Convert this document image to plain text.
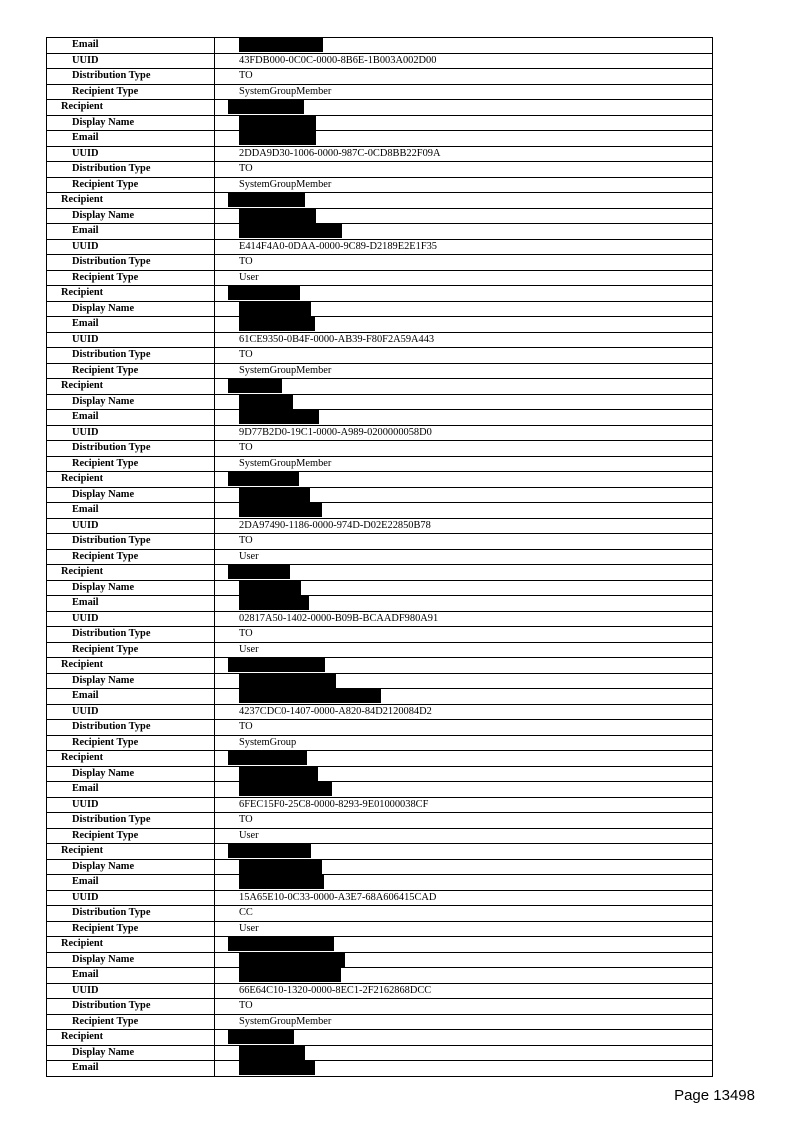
Email	
UUID	43FDB000-0C0C-0000-8B6E-1B003A002D00
Distribution Type	TO
Recipient Type	SystemGroupMember
Recipient	
Display Name	
Email	
UUID	2DDA9D30-1006-0000-987C-0CD8BB22F09A
Distribution Type	TO
Recipient Type	SystemGroupMember
Recipient	
Display Name	
Email	
UUID	E414F4A0-0DAA-0000-9C89-D2189E2E1F35
Distribution Type	TO
Recipient Type	User
Recipient	
Display Name	
Email	
UUID	61CE9350-0B4F-0000-AB39-F80F2A59A443
Distribution Type	TO
Recipient Type	SystemGroupMember
Recipient	
Display Name	
Email	
UUID	9D77B2D0-19C1-0000-A989-0200000058D0
Distribution Type	TO
Recipient Type	SystemGroupMember
Recipient	
Display Name	
Email	
UUID	2DA97490-1186-0000-974D-D02E22850B78
Distribution Type	TO
Recipient Type	User
Recipient	
Display Name	
Email	
UUID	02817A50-1402-0000-B09B-BCAADF980A91
Distribution Type	TO
Recipient Type	User
Recipient	
Display Name	
Email	
UUID	4237CDC0-1407-0000-A820-84D2120084D2
Distribution Type	TO
Recipient Type	SystemGroup
Recipient	
Display Name	
Email	
UUID	6FEC15F0-25C8-0000-8293-9E01000038CF
Distribution Type	TO
Recipient Type	User
Recipient	
Display Name	
Email	
UUID	15A65E10-0C33-0000-A3E7-68A606415CAD
Distribution Type	CC
Recipient Type	User
Recipient	
Display Name	
Email	
UUID	66E64C10-1320-0000-8EC1-2F2162868DCC
Distribution Type	TO
Recipient Type	SystemGroupMember
Recipient	
Display Name	
Email	
Page 13498
